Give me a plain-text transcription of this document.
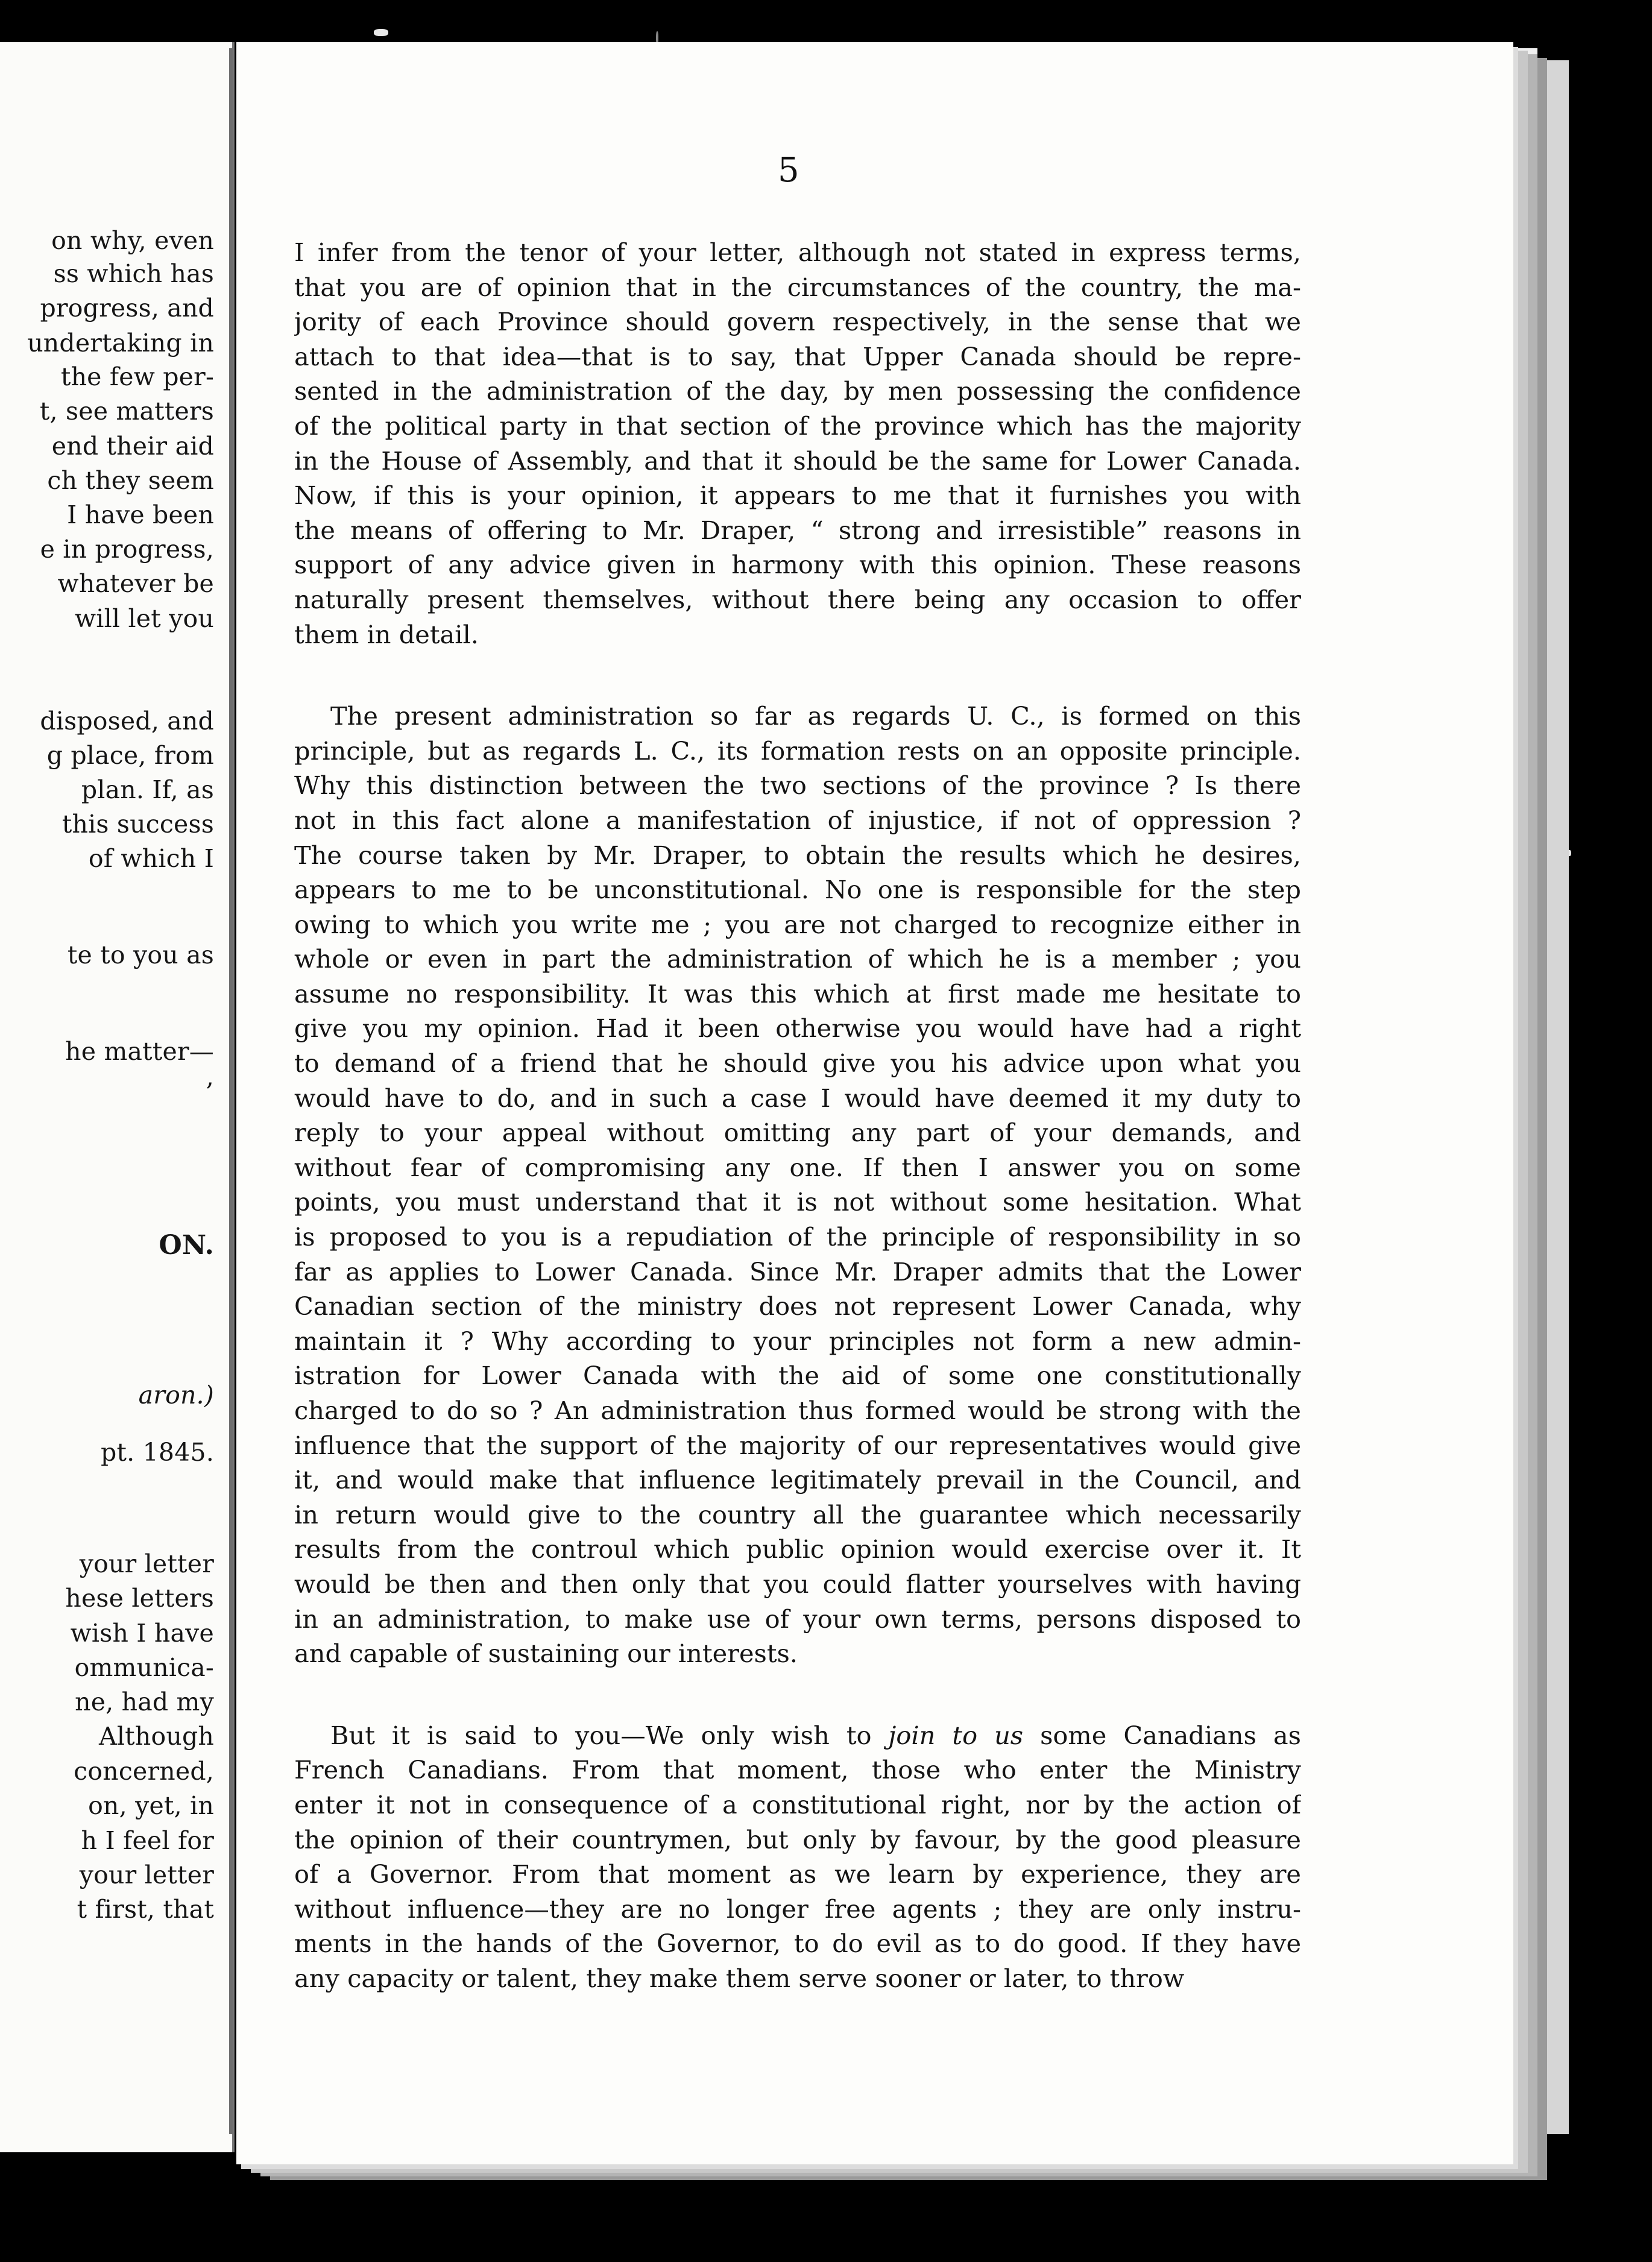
on why, even
ss which has
progress, and
undertaking in
the few per-
t, see matters
end their aid
ch they seem
I have been
e in progress,
whatever be
will let you
disposed, and
g place, from
plan. If, as
this success
of which I
te to you as
he matter—
,
ON.
aron.)
pt. 1845.
your letter
hese letters
wish I have
ommunica-
ne, had my
Although
concerned,
on, yet, in
h I feel for
your letter
t first, that
5
I infer from the tenor of your letter, although not stated in express terms,
that you are of opinion that in the circumstances of the country, the ma-
jority of each Province should govern respectively, in the sense that we
attach to that idea—that is to say, that Upper Canada should be repre-
sented in the administration of the day, by men possessing the confidence
of the political party in that section of the province which has the majority
in the House of Assembly, and that it should be the same for Lower Canada.
Now, if this is your opinion, it appears to me that it furnishes you with
the means of offering to Mr. Draper, “ strong and irresistible” reasons in
support of any advice given in harmony with this opinion. These reasons
naturally present themselves, without there being any occasion to offer
them in detail.
The present administration so far as regards U. C., is formed on this
principle, but as regards L. C., its formation rests on an opposite principle.
Why this distinction between the two sections of the province ? Is there
not in this fact alone a manifestation of injustice, if not of oppression ?
The course taken by Mr. Draper, to obtain the results which he desires,
appears to me to be unconstitutional. No one is responsible for the step
owing to which you write me ; you are not charged to recognize either in
whole or even in part the administration of which he is a member ; you
assume no responsibility. It was this which at first made me hesitate to
give you my opinion. Had it been otherwise you would have had a right
to demand of a friend that he should give you his advice upon what you
would have to do, and in such a case I would have deemed it my duty to
reply to your appeal without omitting any part of your demands, and
without fear of compromising any one. If then I answer you on some
points, you must understand that it is not without some hesitation. What
is proposed to you is a repudiation of the principle of responsibility in so
far as applies to Lower Canada. Since Mr. Draper admits that the Lower
Canadian section of the ministry does not represent Lower Canada, why
maintain it ? Why according to your principles not form a new admin-
istration for Lower Canada with the aid of some one constitutionally
charged to do so ? An administration thus formed would be strong with the
influence that the support of the majority of our representatives would give
it, and would make that influence legitimately prevail in the Council, and
in return would give to the country all the guarantee which necessarily
results from the controul which public opinion would exercise over it. It
would be then and then only that you could flatter yourselves with having
in an administration, to make use of your own terms, persons disposed to
and capable of sustaining our interests.
But it is said to you—We only wish to join to us some Canadians as
French Canadians. From that moment, those who enter the Ministry
enter it not in consequence of a constitutional right, nor by the action of
the opinion of their countrymen, but only by favour, by the good pleasure
of a Governor. From that moment as we learn by experience, they are
without influence—they are no longer free agents ; they are only instru-
ments in the hands of the Governor, to do evil as to do good. If they have
any capacity or talent, they make them serve sooner or later, to throw
